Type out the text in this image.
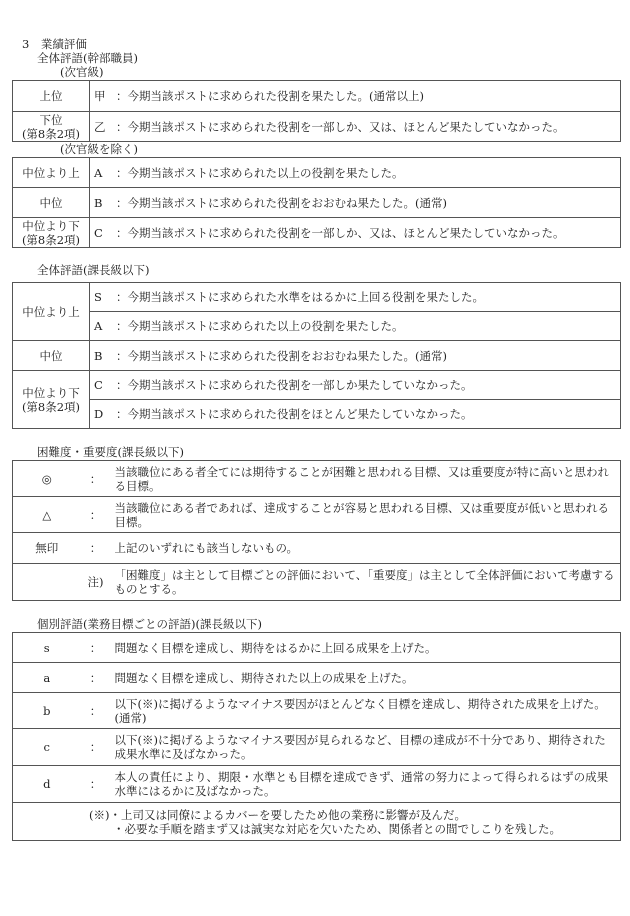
3　業績評価
全体評語(幹部職員)
(次官級)
上位	甲 ：今期当該ポストに求められた役割を果たした。(通常以上)
下位
(第8条2項)	乙 ：今期当該ポストに求められた役割を一部しか、又は、ほとんど果たしていなかった。
(次官級を除く)
中位より上	A ：今期当該ポストに求められた以上の役割を果たした。
中位	B ：今期当該ポストに求められた役割をおおむね果たした。(通常)
中位より下
(第8条2項)	C ：今期当該ポストに求められた役割を一部しか、又は、ほとんど果たしていなかった。
全体評語(課長級以下)
中位より上	S ：今期当該ポストに求められた水準をはるかに上回る役割を果たした。
	A ：今期当該ポストに求められた以上の役割を果たした。
中位	B ：今期当該ポストに求められた役割をおおむね果たした。(通常)
中位より下
(第8条2項)	C ：今期当該ポストに求められた役割を一部しか果たしていなかった。
	D ：今期当該ポストに求められた役割をほとんど果たしていなかった。
困難度・重要度(課長級以下)
◎	：	当該職位にある者全てには期待することが困難と思われる目標、又は重要度が特に高いと思われる目標。
△	：	当該職位にある者であれば、達成することが容易と思われる目標、又は重要度が低いと思われる目標。
無印	：	上記のいずれにも該当しないもの。
	注)	「困難度」は主として目標ごとの評価において、「重要度」は主として全体評価において考慮するものとする。
個別評語(業務目標ごとの評語)(課長級以下)
s	：	問題なく目標を達成し、期待をはるかに上回る成果を上げた。
a	：	問題なく目標を達成し、期待された以上の成果を上げた。
b	：	以下(※)に掲げるようなマイナス要因がほとんどなく目標を達成し、期待された成果を上げた。(通常)
c	：	以下(※)に掲げるようなマイナス要因が見られるなど、目標の達成が不十分であり、期待された成果水準に及ばなかった。
d	：	本人の責任により、期限・水準とも目標を達成できず、通常の努力によって得られるはずの成果水準にはるかに及ばなかった。
(※)・上司又は同僚によるカバーを要したため他の業務に影響が及んだ。
・必要な手順を踏まず又は誠実な対応を欠いたため、関係者との間でしこりを残した。		
